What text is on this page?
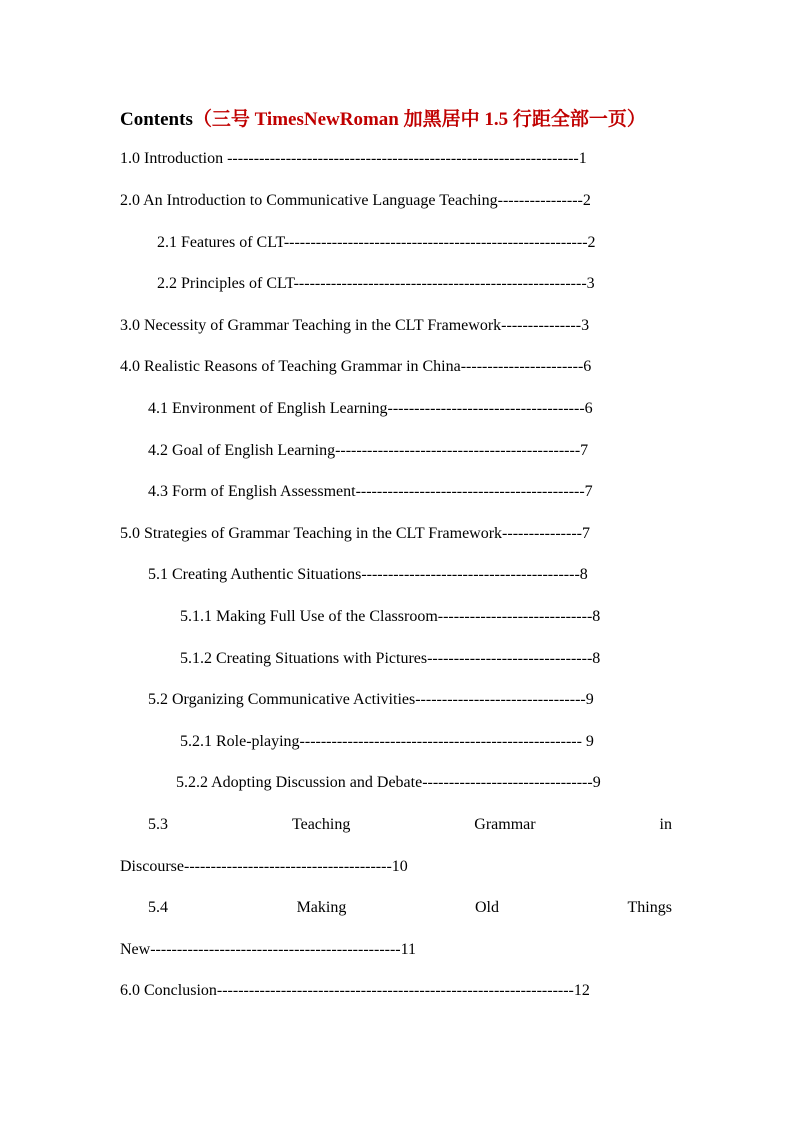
Contents（三号 TimesNewRoman 加黑居中 1.5 行距全部一页）
1.0 Introduction ------------------------------------------------------------------1
2.0 An Introduction to Communicative Language Teaching----------------2
2.1 Features of CLT---------------------------------------------------------2
2.2 Principles of CLT-------------------------------------------------------3
3.0 Necessity of Grammar Teaching in the CLT Framework---------------3
4.0 Realistic Reasons of Teaching Grammar in China-----------------------6
4.1 Environment of English Learning-------------------------------------6
4.2 Goal of English Learning----------------------------------------------7
4.3 Form of English Assessment-------------------------------------------7
5.0 Strategies of Grammar Teaching in the CLT Framework---------------7
5.1 Creating Authentic Situations-----------------------------------------8
5.1.1 Making Full Use of the Classroom-----------------------------8
5.1.2 Creating Situations with Pictures-------------------------------8
5.2 Organizing Communicative Activities--------------------------------9
5.2.1 Role-playing----------------------------------------------------- 9
5.2.2 Adopting Discussion and Debate--------------------------------9
5.3	Teaching	Grammar	in
Discourse---------------------------------------10
5.4	Making	Old	Things
New-----------------------------------------------11
6.0 Conclusion-------------------------------------------------------------------12
